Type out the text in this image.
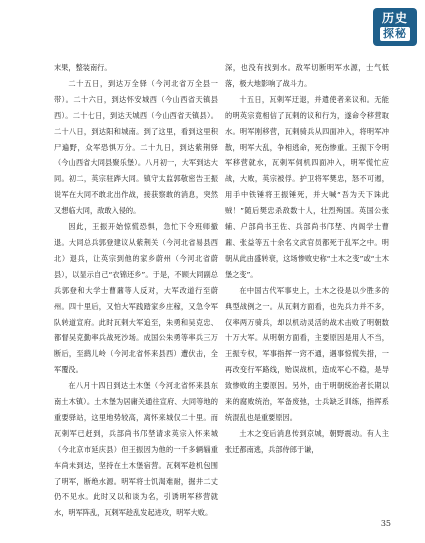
历史
探秘

末果，整装南行。

二十五日，到达万全驿（今河北省万全县一带）。二十六日，到达怀安城西（今山西省天镇县西）。二十七日，到达天城西（今山西省天镇县）。二十八日，到达阳和城南。到了这里，看到这里积尸遍野，众军恐惧万分。二十九日，到达紫荆驿（今山西省大同县聚乐堡）。八月初一，大军到达大同。初二，英宗驻跸大同。镇守太监郭敬密告王振说军在大同不敢北出作战，接获察敢的消息，突然又想临大同，敌敢入侵的。

因此，王振开始惊慌恐惧，急忙下令班师撤退。大同总兵郭登建议从紫荆关（今河北省易县西北）退兵，让英宗到他的家乡蔚州（今河北省蔚县），以显示自己“衣锦还乡”。于是，不顾大同副总兵郭登和大学士曹鼐等人反对，大军改道行至蔚州。四十里后，又怕大军践踏家乡庄稼，又急令军队转道宣府。此时瓦剌大军追至，朱勇和吴克忠、都督吴克勤率兵战死沙场。成国公朱勇等率兵三万断后，至鹞儿岭（今河北省怀来县西）遭伏击，全军覆没。

在八月十四日到达土木堡（今河北省怀来县东南土木镇）。土木堡为居庸关通往宣府、大同等地的重要驿站，这里地势较高，离怀来城仅二十里。而瓦剌军已赶到，兵部尚书邝埜请求英宗入怀来城（今北京市延庆县）但王振因为他的一千多辆辎重车尚未到达，坚持在土木堡宿营。瓦剌军趁机包围了明军，断绝水源。明军将士饥渴难耐，掘井二丈仍不见水。此时又以和谈为名，引诱明军移营就水，明军阵乱，瓦剌军趁乱发起进攻，明军大败。

深，也没有找到水。敌军切断明军水源，士气低落，极大地影响了战斗力。

十五日，瓦剌军迂退，并遣使者来议和。无能的明英宗竟相信了瓦剌的议和行为，遂命令移营取水。明军刚移营，瓦剌骑兵从四面冲入，将明军冲散，明军大乱，争相逃命，死伤惨重。王振下令明军移营就水，瓦剌军伺机四面冲入，明军慌忙应战，大败，英宗被俘。护卫将军樊忠，怒不可遏，用手中铁锤将王振锤死，并大喊“吾为天下诛此贼！”随后樊忠杀敌数十人，壮烈殉国。英国公张辅、户部尚书王佐、兵部尚书邝埜、内阁学士曹鼐、张益等五十余名文武官员都死于乱军之中。明朝从此由盛转衰，这场惨败史称“土木之变”或“土木堡之变”。

在中国古代军事史上，土木之役是以少胜多的典型战例之一。从瓦剌方面看，也先兵力并不多，仅率两万骑兵，却以机动灵活的战术击败了明朝数十万大军。从明朝方面看，主要原因是用人不当，王振专权，军事指挥一窍不通，遇事惊慌失措，一再改变行军路线，贻误战机，造成军心不稳，是导致惨败的主要原因。另外，由于明朝统治者长期以来的腐败统治，军备废弛，士兵缺乏训练，指挥系统混乱也是重要原因。

土木之变后消息传到京城，朝野震动。有人主张迁都南逃，兵部侍郎于谦，

35
